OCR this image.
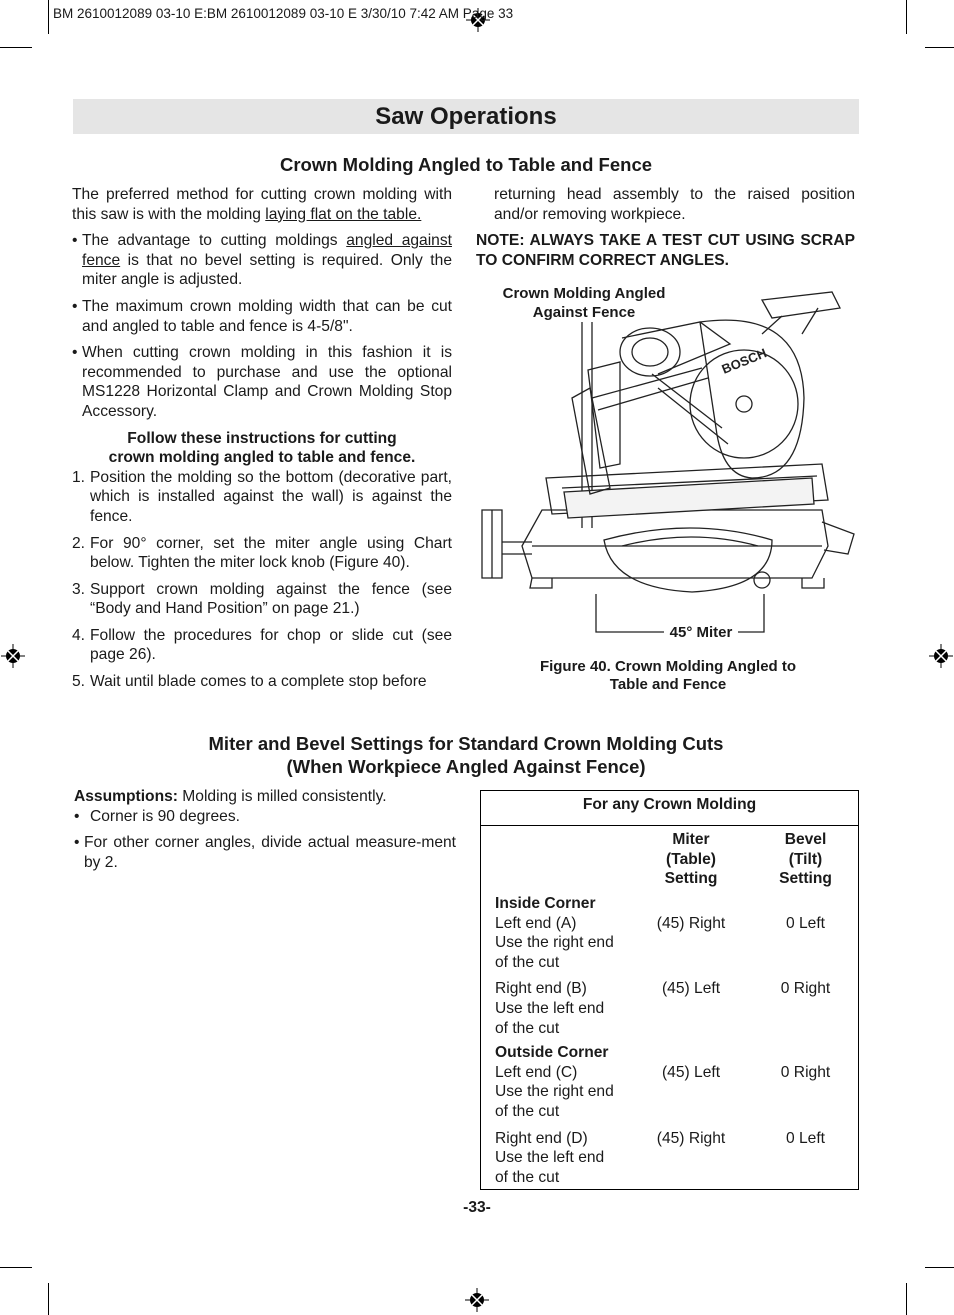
BM 2610012089 03-10 E:BM 2610012089 03-10 E 3/30/10 7:42 AM Page 33
Saw Operations
Crown Molding Angled to Table and Fence

The preferred method for cutting crown molding with this saw is with the molding laying flat on the table.

• The advantage to cutting moldings angled against fence is that no bevel setting is required. Only the miter angle is adjusted.

• The maximum crown molding width that can be cut and angled to table and fence is 4-5/8".

• When cutting crown molding in this fashion it is recommended to purchase and use the optional MS1228 Horizontal Clamp and Crown Molding Stop Accessory.

Follow these instructions for cutting
crown molding angled to table and fence.

1. Position the molding so the bottom (decorative part, which is installed against the wall) is against the fence.

2. For 90° corner, set the miter angle using Chart below. Tighten the miter lock knob (Figure 40).

3. Support crown molding against the fence (see “Body and Hand Position” on page 21.)

4. Follow the procedures for chop or slide cut (see page 26).

5. Wait until blade comes to a complete stop before

returning head assembly to the raised position and/or removing workpiece.

NOTE: ALWAYS TAKE A TEST CUT USING SCRAP TO CONFIRM CORRECT ANGLES.

Crown Molding Angled
Against Fence
BOSCH
45° Miter
Figure 40. Crown Molding Angled to
Table and Fence
Miter and Bevel Settings for Standard Crown Molding Cuts
(When Workpiece Angled Against Fence)

Assumptions: Molding is milled consistently.

• Corner is 90 degrees.

• For other corner angles, divide actual measure-ment by 2.

For any Crown Molding		
	Miter
(Table)
Setting	Bevel
(Tilt)
Setting
Inside Corner		
Left end (A)
Use the right end
of the cut	(45) Right	0 Left
Right end (B)
Use the left end
of the cut	(45) Left	0 Right
Outside Corner		
Left end (C)
Use the right end
of the cut	(45) Left	0 Right
Right end (D)
Use the left end
of the cut	(45) Right	0 Left
-33-
